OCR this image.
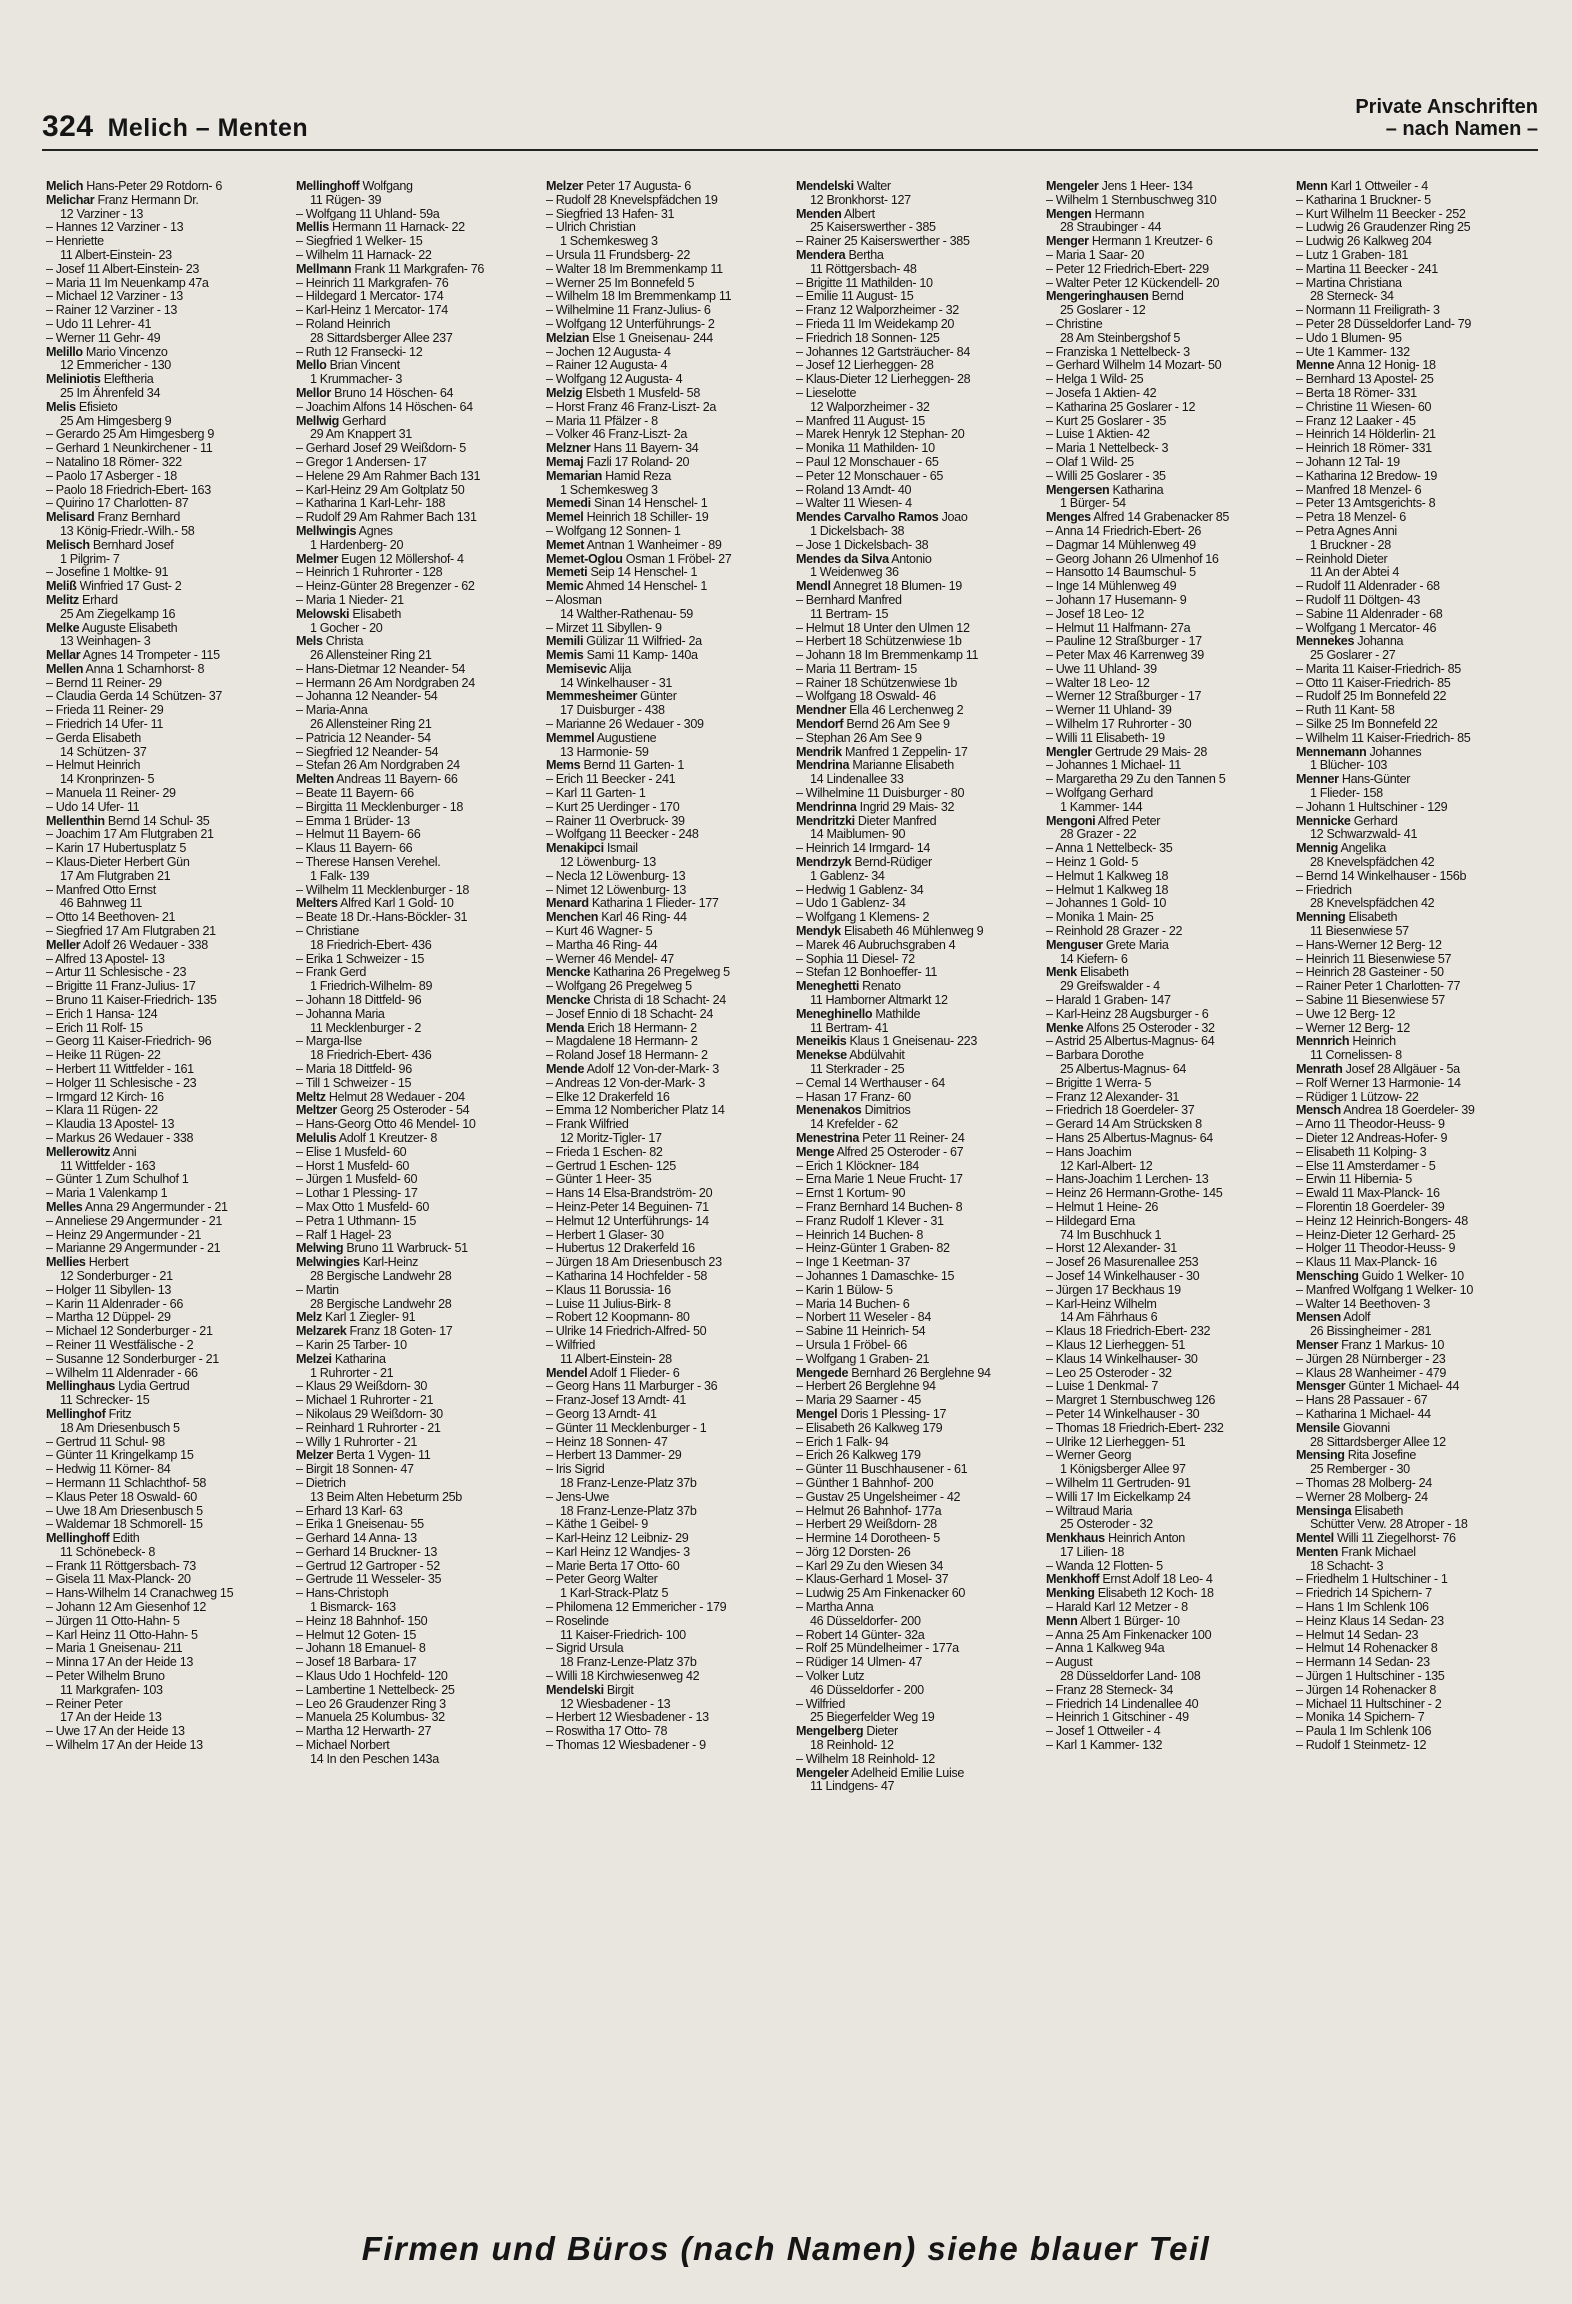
324 Melich – Menten
Private Anschriften
– nach Namen –
Melich Hans-Peter 29 Rotdorn- 6
Melichar Franz Hermann Dr.
12 Varziner - 13
– Hannes 12 Varziner - 13
– Henriette
11 Albert-Einstein- 23
– Josef 11 Albert-Einstein- 23
– Maria 11 Im Neuenkamp 47a
– Michael 12 Varziner - 13
– Rainer 12 Varziner - 13
– Udo 11 Lehrer- 41
– Werner 11 Gehr- 49
Melillo Mario Vincenzo
12 Emmericher - 130
Meliniotis Eleftheria
25 Im Ährenfeld 34
Melis Efisieto
25 Am Himgesberg 9
– Gerardo 25 Am Himgesberg 9
– Gerhard 1 Neunkirchener - 11
– Natalino 18 Römer- 322
– Paolo 17 Asberger - 18
– Paolo 18 Friedrich-Ebert- 163
– Quirino 17 Charlotten- 87
Melisard Franz Bernhard
13 König-Friedr.-Wilh.- 58
Melisch Bernhard Josef
1 Pilgrim- 7
– Josefine 1 Moltke- 91
Meliß Winfried 17 Gust- 2
Melitz Erhard
25 Am Ziegelkamp 16
Melke Auguste Elisabeth
13 Weinhagen- 3
Mellar Agnes 14 Trompeter - 115
Mellen Anna 1 Scharnhorst- 8
– Bernd 11 Reiner- 29
– Claudia Gerda 14 Schützen- 37
– Frieda 11 Reiner- 29
– Friedrich 14 Ufer- 11
– Gerda Elisabeth
14 Schützen- 37
– Helmut Heinrich
14 Kronprinzen- 5
– Manuela 11 Reiner- 29
– Udo 14 Ufer- 11
Mellenthin Bernd 14 Schul- 35
– Joachim 17 Am Flutgraben 21
– Karin 17 Hubertusplatz 5
– Klaus-Dieter Herbert Gün
17 Am Flutgraben 21
– Manfred Otto Ernst
46 Bahnweg 11
– Otto 14 Beethoven- 21
– Siegfried 17 Am Flutgraben 21
Meller Adolf 26 Wedauer - 338
– Alfred 13 Apostel- 13
– Artur 11 Schlesische - 23
– Brigitte 11 Franz-Julius- 17
– Bruno 11 Kaiser-Friedrich- 135
– Erich 1 Hansa- 124
– Erich 11 Rolf- 15
– Georg 11 Kaiser-Friedrich- 96
– Heike 11 Rügen- 22
– Herbert 11 Wittfelder - 161
– Holger 11 Schlesische - 23
– Irmgard 12 Kirch- 16
– Klara 11 Rügen- 22
– Klaudia 13 Apostel- 13
– Markus 26 Wedauer - 338
Mellerowitz Anni
11 Wittfelder - 163
– Günter 1 Zum Schulhof 1
– Maria 1 Valenkamp 1
Melles Anna 29 Angermunder - 21
– Anneliese 29 Angermunder - 21
– Heinz 29 Angermunder - 21
– Marianne 29 Angermunder - 21
Mellies Herbert
12 Sonderburger - 21
– Holger 11 Sibyllen- 13
– Karin 11 Aldenrader - 66
– Martha 12 Düppel- 29
– Michael 12 Sonderburger - 21
– Reiner 11 Westfälische - 2
– Susanne 12 Sonderburger - 21
– Wilhelm 11 Aldenrader - 66
Mellinghaus Lydia Gertrud
11 Schrecker- 15
Mellinghof Fritz
18 Am Driesenbusch 5
– Gertrud 11 Schul- 98
– Günter 11 Kringelkamp 15
– Hedwig 11 Körner- 84
– Hermann 11 Schlachthof- 58
– Klaus Peter 18 Oswald- 60
– Uwe 18 Am Driesenbusch 5
– Waldemar 18 Schmorell- 15
Mellinghoff Edith
11 Schönebeck- 8
– Frank 11 Röttgersbach- 73
– Gisela 11 Max-Planck- 20
– Hans-Wilhelm 14 Cranachweg 15
– Johann 12 Am Giesenhof 12
– Jürgen 11 Otto-Hahn- 5
– Karl Heinz 11 Otto-Hahn- 5
– Maria 1 Gneisenau- 211
– Minna 17 An der Heide 13
– Peter Wilhelm Bruno
11 Markgrafen- 103
– Reiner Peter
17 An der Heide 13
– Uwe 17 An der Heide 13
– Wilhelm 17 An der Heide 13
Mellinghoff Wolfgang
11 Rügen- 39
– Wolfgang 11 Uhland- 59a
Mellis Hermann 11 Harnack- 22
– Siegfried 1 Welker- 15
– Wilhelm 11 Harnack- 22
Mellmann Frank 11 Markgrafen- 76
– Heinrich 11 Markgrafen- 76
– Hildegard 1 Mercator- 174
– Karl-Heinz 1 Mercator- 174
– Roland Heinrich
28 Sittardsberger Allee 237
– Ruth 12 Fransecki- 12
Mello Brian Vincent
1 Krummacher- 3
Mellor Bruno 14 Höschen- 64
– Joachim Alfons 14 Höschen- 64
Mellwig Gerhard
29 Am Knappert 31
– Gerhard Josef 29 Weißdorn- 5
– Gregor 1 Andersen- 17
– Helene 29 Am Rahmer Bach 131
– Karl-Heinz 29 Am Goltplatz 50
– Katharina 1 Karl-Lehr- 188
– Rudolf 29 Am Rahmer Bach 131
Mellwingis Agnes
1 Hardenberg- 20
Melmer Eugen 12 Möllershof- 4
– Heinrich 1 Ruhrorter - 128
– Heinz-Günter 28 Bregenzer - 62
– Maria 1 Nieder- 21
Melowski Elisabeth
1 Gocher - 20
Mels Christa
26 Allensteiner Ring 21
– Hans-Dietmar 12 Neander- 54
– Hermann 26 Am Nordgraben 24
– Johanna 12 Neander- 54
– Maria-Anna
26 Allensteiner Ring 21
– Patricia 12 Neander- 54
– Siegfried 12 Neander- 54
– Stefan 26 Am Nordgraben 24
Melten Andreas 11 Bayern- 66
– Beate 11 Bayern- 66
– Birgitta 11 Mecklenburger - 18
– Emma 1 Brüder- 13
– Helmut 11 Bayern- 66
– Klaus 11 Bayern- 66
– Therese Hansen Verehel.
1 Falk- 139
– Wilhelm 11 Mecklenburger - 18
Melters Alfred Karl 1 Gold- 10
– Beate 18 Dr.-Hans-Böckler- 31
– Christiane
18 Friedrich-Ebert- 436
– Erika 1 Schweizer - 15
– Frank Gerd
1 Friedrich-Wilhelm- 89
– Johann 18 Dittfeld- 96
– Johanna Maria
11 Mecklenburger - 2
– Marga-Ilse
18 Friedrich-Ebert- 436
– Maria 18 Dittfeld- 96
– Till 1 Schweizer - 15
Meltz Helmut 28 Wedauer - 204
Meltzer Georg 25 Osteroder - 54
– Hans-Georg Otto 46 Mendel- 10
Melulis Adolf 1 Kreutzer- 8
– Elise 1 Musfeld- 60
– Horst 1 Musfeld- 60
– Jürgen 1 Musfeld- 60
– Lothar 1 Plessing- 17
– Max Otto 1 Musfeld- 60
– Petra 1 Uthmann- 15
– Ralf 1 Hagel- 23
Melwing Bruno 11 Warbruck- 51
Melwingies Karl-Heinz
28 Bergische Landwehr 28
– Martin
28 Bergische Landwehr 28
Melz Karl 1 Ziegler- 91
Melzarek Franz 18 Goten- 17
– Karin 25 Tarber- 10
Melzei Katharina
1 Ruhrorter - 21
– Klaus 29 Weißdorn- 30
– Michael 1 Ruhrorter - 21
– Nikolaus 29 Weißdorn- 30
– Reinhard 1 Ruhrorter - 21
– Willy 1 Ruhrorter - 21
Melzer Berta 1 Vygen- 11
– Birgit 18 Sonnen- 47
– Dietrich
13 Beim Alten Hebeturm 25b
– Erhard 13 Karl- 63
– Erika 1 Gneisenau- 55
– Gerhard 14 Anna- 13
– Gerhard 14 Bruckner- 13
– Gertrud 12 Gartroper - 52
– Gertrude 11 Wesseler- 35
– Hans-Christoph
1 Bismarck- 163
– Heinz 18 Bahnhof- 150
– Helmut 12 Goten- 15
– Johann 18 Emanuel- 8
– Josef 18 Barbara- 17
– Klaus Udo 1 Hochfeld- 120
– Lambertine 1 Nettelbeck- 25
– Leo 26 Graudenzer Ring 3
– Manuela 25 Kolumbus- 32
– Martha 12 Herwarth- 27
– Michael Norbert
14 In den Peschen 143a
Melzer Peter 17 Augusta- 6
– Rudolf 28 Knevelspfädchen 19
– Siegfried 13 Hafen- 31
– Ulrich Christian
1 Schemkesweg 3
– Ursula 11 Frundsberg- 22
– Walter 18 Im Bremmenkamp 11
– Werner 25 Im Bonnefeld 5
– Wilhelm 18 Im Bremmenkamp 11
– Wilhelmine 11 Franz-Julius- 6
– Wolfgang 12 Unterführungs- 2
Melzian Else 1 Gneisenau- 244
– Jochen 12 Augusta- 4
– Rainer 12 Augusta- 4
– Wolfgang 12 Augusta- 4
Melzig Elsbeth 1 Musfeld- 58
– Horst Franz 46 Franz-Liszt- 2a
– Maria 11 Pfälzer - 8
– Volker 46 Franz-Liszt- 2a
Melzner Hans 11 Bayern- 34
Memaj Fazli 17 Roland- 20
Memarian Hamid Reza
1 Schemkesweg 3
Memedi Sinan 14 Henschel- 1
Memel Heinrich 18 Schiller- 19
– Wolfgang 12 Sonnen- 1
Memet Antnan 1 Wanheimer - 89
Memet-Oglou Osman 1 Fröbel- 27
Memeti Seip 14 Henschel- 1
Memic Ahmed 14 Henschel- 1
– Alosman
14 Walther-Rathenau- 59
– Mirzet 11 Sibyllen- 9
Memili Gülizar 11 Wilfried- 2a
Memis Sami 11 Kamp- 140a
Memisevic Alija
14 Winkelhauser - 31
Memmesheimer Günter
17 Duisburger - 438
– Marianne 26 Wedauer - 309
Memmel Augustiene
13 Harmonie- 59
Mems Bernd 11 Garten- 1
– Erich 11 Beecker - 241
– Karl 11 Garten- 1
– Kurt 25 Uerdinger - 170
– Rainer 11 Overbruck- 39
– Wolfgang 11 Beecker - 248
Menakipci Ismail
12 Löwenburg- 13
– Necla 12 Löwenburg- 13
– Nimet 12 Löwenburg- 13
Menard Katharina 1 Flieder- 177
Menchen Karl 46 Ring- 44
– Kurt 46 Wagner- 5
– Martha 46 Ring- 44
– Werner 46 Mendel- 47
Mencke Katharina 26 Pregelweg 5
– Wolfgang 26 Pregelweg 5
Mencke Christa di 18 Schacht- 24
– Josef Ennio di 18 Schacht- 24
Menda Erich 18 Hermann- 2
– Magdalene 18 Hermann- 2
– Roland Josef 18 Hermann- 2
Mende Adolf 12 Von-der-Mark- 3
– Andreas 12 Von-der-Mark- 3
– Elke 12 Drakerfeld 16
– Emma 12 Nombericher Platz 14
– Frank Wilfried
12 Moritz-Tigler- 17
– Frieda 1 Eschen- 82
– Gertrud 1 Eschen- 125
– Günter 1 Heer- 35
– Hans 14 Elsa-Brandström- 20
– Heinz-Peter 14 Beguinen- 71
– Helmut 12 Unterführungs- 14
– Herbert 1 Glaser- 30
– Hubertus 12 Drakerfeld 16
– Jürgen 18 Am Driesenbusch 23
– Katharina 14 Hochfelder - 58
– Klaus 11 Borussia- 16
– Luise 11 Julius-Birk- 8
– Robert 12 Koopmann- 80
– Ulrike 14 Friedrich-Alfred- 50
– Wilfried
11 Albert-Einstein- 28
Mendel Adolf 1 Flieder- 6
– Georg Hans 11 Marburger - 36
– Franz-Josef 13 Arndt- 41
– Georg 13 Arndt- 41
– Günter 11 Mecklenburger - 1
– Heinz 18 Sonnen- 47
– Herbert 13 Dammer- 29
– Iris Sigrid
18 Franz-Lenze-Platz 37b
– Jens-Uwe
18 Franz-Lenze-Platz 37b
– Käthe 1 Geibel- 9
– Karl-Heinz 12 Leibniz- 29
– Karl Heinz 12 Wandjes- 3
– Marie Berta 17 Otto- 60
– Peter Georg Walter
1 Karl-Strack-Platz 5
– Philomena 12 Emmericher - 179
– Roselinde
11 Kaiser-Friedrich- 100
– Sigrid Ursula
18 Franz-Lenze-Platz 37b
– Willi 18 Kirchwiesenweg 42
Mendelski Birgit
12 Wiesbadener - 13
– Herbert 12 Wiesbadener - 13
– Roswitha 17 Otto- 78
– Thomas 12 Wiesbadener - 9
Mendelski Walter
12 Bronkhorst- 127
Menden Albert
25 Kaiserswerther - 385
– Rainer 25 Kaiserswerther - 385
Mendera Bertha
11 Röttgersbach- 48
– Brigitte 11 Mathilden- 10
– Emilie 11 August- 15
– Franz 12 Walporzheimer - 32
– Frieda 11 Im Weidekamp 20
– Friedrich 18 Sonnen- 125
– Johannes 12 Gartsträucher- 84
– Josef 12 Lierheggen- 28
– Klaus-Dieter 12 Lierheggen- 28
– Lieselotte
12 Walporzheimer - 32
– Manfred 11 August- 15
– Marek Henryk 12 Stephan- 20
– Monika 11 Mathilden- 10
– Paul 12 Monschauer - 65
– Peter 12 Monschauer - 65
– Roland 13 Arndt- 40
– Walter 11 Wiesen- 4
Mendes Carvalho Ramos Joao
1 Dickelsbach- 38
– Jose 1 Dickelsbach- 38
Mendes da Silva Antonio
1 Weidenweg 36
Mendl Annegret 18 Blumen- 19
– Bernhard Manfred
11 Bertram- 15
– Helmut 18 Unter den Ulmen 12
– Herbert 18 Schützenwiese 1b
– Johann 18 Im Bremmenkamp 11
– Maria 11 Bertram- 15
– Rainer 18 Schützenwiese 1b
– Wolfgang 18 Oswald- 46
Mendner Ella 46 Lerchenweg 2
Mendorf Bernd 26 Am See 9
– Stephan 26 Am See 9
Mendrik Manfred 1 Zeppelin- 17
Mendrina Marianne Elisabeth
14 Lindenallee 33
– Wilhelmine 11 Duisburger - 80
Mendrinna Ingrid 29 Mais- 32
Mendritzki Dieter Manfred
14 Maiblumen- 90
– Heinrich 14 Irmgard- 14
Mendrzyk Bernd-Rüdiger
1 Gablenz- 34
– Hedwig 1 Gablenz- 34
– Udo 1 Gablenz- 34
– Wolfgang 1 Klemens- 2
Mendyk Elisabeth 46 Mühlenweg 9
– Marek 46 Aubruchsgraben 4
– Sophia 11 Diesel- 72
– Stefan 12 Bonhoeffer- 11
Meneghetti Renato
11 Hamborner Altmarkt 12
Meneghinello Mathilde
11 Bertram- 41
Meneikis Klaus 1 Gneisenau- 223
Menekse Abdülvahit
11 Sterkrader - 25
– Cemal 14 Werthauser - 64
– Hasan 17 Franz- 60
Menenakos Dimitrios
14 Krefelder - 62
Menestrina Peter 11 Reiner- 24
Menge Alfred 25 Osteroder - 67
– Erich 1 Klöckner- 184
– Erna Marie 1 Neue Frucht- 17
– Ernst 1 Kortum- 90
– Franz Bernhard 14 Buchen- 8
– Franz Rudolf 1 Klever - 31
– Heinrich 14 Buchen- 8
– Heinz-Günter 1 Graben- 82
– Inge 1 Keetman- 37
– Johannes 1 Damaschke- 15
– Karin 1 Bülow- 5
– Maria 14 Buchen- 6
– Norbert 11 Weseler - 84
– Sabine 11 Heinrich- 54
– Ursula 1 Fröbel- 66
– Wolfgang 1 Graben- 21
Mengede Bernhard 26 Berglehne 94
– Herbert 26 Berglehne 94
– Maria 29 Saarner - 45
Mengel Doris 1 Plessing- 17
– Elisabeth 26 Kalkweg 179
– Erich 1 Falk- 94
– Erich 26 Kalkweg 179
– Günter 11 Buschhausener - 61
– Günther 1 Bahnhof- 200
– Gustav 25 Ungelsheimer - 42
– Helmut 26 Bahnhof- 177a
– Herbert 29 Weißdorn- 28
– Hermine 14 Dorotheen- 5
– Jörg 12 Dorsten- 26
– Karl 29 Zu den Wiesen 34
– Klaus-Gerhard 1 Mosel- 37
– Ludwig 25 Am Finkenacker 60
– Martha Anna
46 Düsseldorfer- 200
– Robert 14 Günter- 32a
– Rolf 25 Mündelheimer - 177a
– Rüdiger 14 Ulmen- 47
– Volker Lutz
46 Düsseldorfer - 200
– Wilfried
25 Biegerfelder Weg 19
Mengelberg Dieter
18 Reinhold- 12
– Wilhelm 18 Reinhold- 12
Mengeler Adelheid Emilie Luise
11 Lindgens- 47
Mengeler Jens 1 Heer- 134
– Wilhelm 1 Sternbuschweg 310
Mengen Hermann
28 Straubinger - 44
Menger Hermann 1 Kreutzer- 6
– Maria 1 Saar- 20
– Peter 12 Friedrich-Ebert- 229
– Walter Peter 12 Kückendell- 20
Mengeringhausen Bernd
25 Goslarer - 12
– Christine
28 Am Steinbergshof 5
– Franziska 1 Nettelbeck- 3
– Gerhard Wilhelm 14 Mozart- 50
– Helga 1 Wild- 25
– Josefa 1 Aktien- 42
– Katharina 25 Goslarer - 12
– Kurt 25 Goslarer - 35
– Luise 1 Aktien- 42
– Maria 1 Nettelbeck- 3
– Olaf 1 Wild- 25
– Willi 25 Goslarer - 35
Mengersen Katharina
1 Bürger- 54
Menges Alfred 14 Grabenacker 85
– Anna 14 Friedrich-Ebert- 26
– Dagmar 14 Mühlenweg 49
– Georg Johann 26 Ulmenhof 16
– Hansotto 14 Baumschul- 5
– Inge 14 Mühlenweg 49
– Johann 17 Husemann- 9
– Josef 18 Leo- 12
– Helmut 11 Halfmann- 27a
– Pauline 12 Straßburger - 17
– Peter Max 46 Karrenweg 39
– Uwe 11 Uhland- 39
– Walter 18 Leo- 12
– Werner 12 Straßburger - 17
– Werner 11 Uhland- 39
– Wilhelm 17 Ruhrorter - 30
– Willi 11 Elisabeth- 19
Mengler Gertrude 29 Mais- 28
– Johannes 1 Michael- 11
– Margaretha 29 Zu den Tannen 5
– Wolfgang Gerhard
1 Kammer- 144
Mengoni Alfred Peter
28 Grazer - 22
– Anna 1 Nettelbeck- 35
– Heinz 1 Gold- 5
– Helmut 1 Kalkweg 18
– Helmut 1 Kalkweg 18
– Johannes 1 Gold- 10
– Monika 1 Main- 25
– Reinhold 28 Grazer - 22
Menguser Grete Maria
14 Kiefern- 6
Menk Elisabeth
29 Greifswalder - 4
– Harald 1 Graben- 147
– Karl-Heinz 28 Augsburger - 6
Menke Alfons 25 Osteroder - 32
– Astrid 25 Albertus-Magnus- 64
– Barbara Dorothe
25 Albertus-Magnus- 64
– Brigitte 1 Werra- 5
– Franz 12 Alexander- 31
– Friedrich 18 Goerdeler- 37
– Gerard 14 Am Strücksken 8
– Hans 25 Albertus-Magnus- 64
– Hans Joachim
12 Karl-Albert- 12
– Hans-Joachim 1 Lerchen- 13
– Heinz 26 Hermann-Grothe- 145
– Helmut 1 Heine- 26
– Hildegard Erna
74 Im Buschhuck 1
– Horst 12 Alexander- 31
– Josef 26 Masurenallee 253
– Josef 14 Winkelhauser - 30
– Jürgen 17 Beckhaus 19
– Karl-Heinz Wilhelm
14 Am Fährhaus 6
– Klaus 18 Friedrich-Ebert- 232
– Klaus 12 Lierheggen- 51
– Klaus 14 Winkelhauser- 30
– Leo 25 Osteroder - 32
– Luise 1 Denkmal- 7
– Margret 1 Sternbuschweg 126
– Peter 14 Winkelhauser - 30
– Thomas 18 Friedrich-Ebert- 232
– Ulrike 12 Lierheggen- 51
– Werner Georg
1 Königsberger Allee 97
– Wilhelm 11 Gertruden- 91
– Willi 17 Im Eickelkamp 24
– Wiltraud Maria
25 Osteroder - 32
Menkhaus Heinrich Anton
17 Lilien- 18
– Wanda 12 Flotten- 5
Menkhoff Ernst Adolf 18 Leo- 4
Menking Elisabeth 12 Koch- 18
– Harald Karl 12 Metzer - 8
Menn Albert 1 Bürger- 10
– Anna 25 Am Finkenacker 100
– Anna 1 Kalkweg 94a
– August
28 Düsseldorfer Land- 108
– Franz 28 Sterneck- 34
– Friedrich 14 Lindenallee 40
– Heinrich 1 Gitschiner - 49
– Josef 1 Ottweiler - 4
– Karl 1 Kammer- 132
Menn Karl 1 Ottweiler - 4
– Katharina 1 Bruckner- 5
– Kurt Wilhelm 11 Beecker - 252
– Ludwig 26 Graudenzer Ring 25
– Ludwig 26 Kalkweg 204
– Lutz 1 Graben- 181
– Martina 11 Beecker - 241
– Martina Christiana
28 Sterneck- 34
– Normann 11 Freiligrath- 3
– Peter 28 Düsseldorfer Land- 79
– Udo 1 Blumen- 95
– Ute 1 Kammer- 132
Menne Anna 12 Honig- 18
– Bernhard 13 Apostel- 25
– Berta 18 Römer- 331
– Christine 11 Wiesen- 60
– Franz 12 Laaker - 45
– Heinrich 14 Hölderlin- 21
– Heinrich 18 Römer- 331
– Johann 12 Tal- 19
– Katharina 12 Bredow- 19
– Manfred 18 Menzel- 6
– Peter 13 Amtsgerichts- 8
– Petra 18 Menzel- 6
– Petra Agnes Anni
1 Bruckner - 28
– Reinhold Dieter
11 An der Abtei 4
– Rudolf 11 Aldenrader - 68
– Rudolf 11 Döltgen- 43
– Sabine 11 Aldenrader - 68
– Wolfgang 1 Mercator- 46
Mennekes Johanna
25 Goslarer - 27
– Marita 11 Kaiser-Friedrich- 85
– Otto 11 Kaiser-Friedrich- 85
– Rudolf 25 Im Bonnefeld 22
– Ruth 11 Kant- 58
– Silke 25 Im Bonnefeld 22
– Wilhelm 11 Kaiser-Friedrich- 85
Mennemann Johannes
1 Blücher- 103
Menner Hans-Günter
1 Flieder- 158
– Johann 1 Hultschiner - 129
Mennicke Gerhard
12 Schwarzwald- 41
Mennig Angelika
28 Knevelspfädchen 42
– Bernd 14 Winkelhauser - 156b
– Friedrich
28 Knevelspfädchen 42
Menning Elisabeth
11 Biesenwiese 57
– Hans-Werner 12 Berg- 12
– Heinrich 11 Biesenwiese 57
– Heinrich 28 Gasteiner - 50
– Rainer Peter 1 Charlotten- 77
– Sabine 11 Biesenwiese 57
– Uwe 12 Berg- 12
– Werner 12 Berg- 12
Mennrich Heinrich
11 Cornelissen- 8
Menrath Josef 28 Allgäuer - 5a
– Rolf Werner 13 Harmonie- 14
– Rüdiger 1 Lützow- 22
Mensch Andrea 18 Goerdeler- 39
– Arno 11 Theodor-Heuss- 9
– Dieter 12 Andreas-Hofer- 9
– Elisabeth 11 Kolping- 3
– Else 11 Amsterdamer - 5
– Erwin 11 Hibernia- 5
– Ewald 11 Max-Planck- 16
– Florentin 18 Goerdeler- 39
– Heinz 12 Heinrich-Bongers- 48
– Heinz-Dieter 12 Gerhard- 25
– Holger 11 Theodor-Heuss- 9
– Klaus 11 Max-Planck- 16
Mensching Guido 1 Welker- 10
– Manfred Wolfgang 1 Welker- 10
– Walter 14 Beethoven- 3
Mensen Adolf
26 Bissingheimer - 281
Menser Franz 1 Markus- 10
– Jürgen 28 Nürnberger - 23
– Klaus 28 Wanheimer - 479
Mensger Günter 1 Michael- 44
– Hans 28 Passauer - 67
– Katharina 1 Michael- 44
Mensile Giovanni
28 Sittardsberger Allee 12
Mensing Rita Josefine
25 Remberger - 30
– Thomas 28 Molberg- 24
– Werner 28 Molberg- 24
Mensinga Elisabeth
Schütter Verw. 28 Atroper - 18
Mentel Willi 11 Ziegelhorst- 76
Menten Frank Michael
18 Schacht- 3
– Friedhelm 1 Hultschiner - 1
– Friedrich 14 Spichern- 7
– Hans 1 Im Schlenk 106
– Heinz Klaus 14 Sedan- 23
– Helmut 14 Sedan- 23
– Helmut 14 Rohenacker 8
– Hermann 14 Sedan- 23
– Jürgen 1 Hultschiner - 135
– Jürgen 14 Rohenacker 8
– Michael 11 Hultschiner - 2
– Monika 14 Spichern- 7
– Paula 1 Im Schlenk 106
– Rudolf 1 Steinmetz- 12
Firmen und Büros (nach Namen) siehe blauer Teil
